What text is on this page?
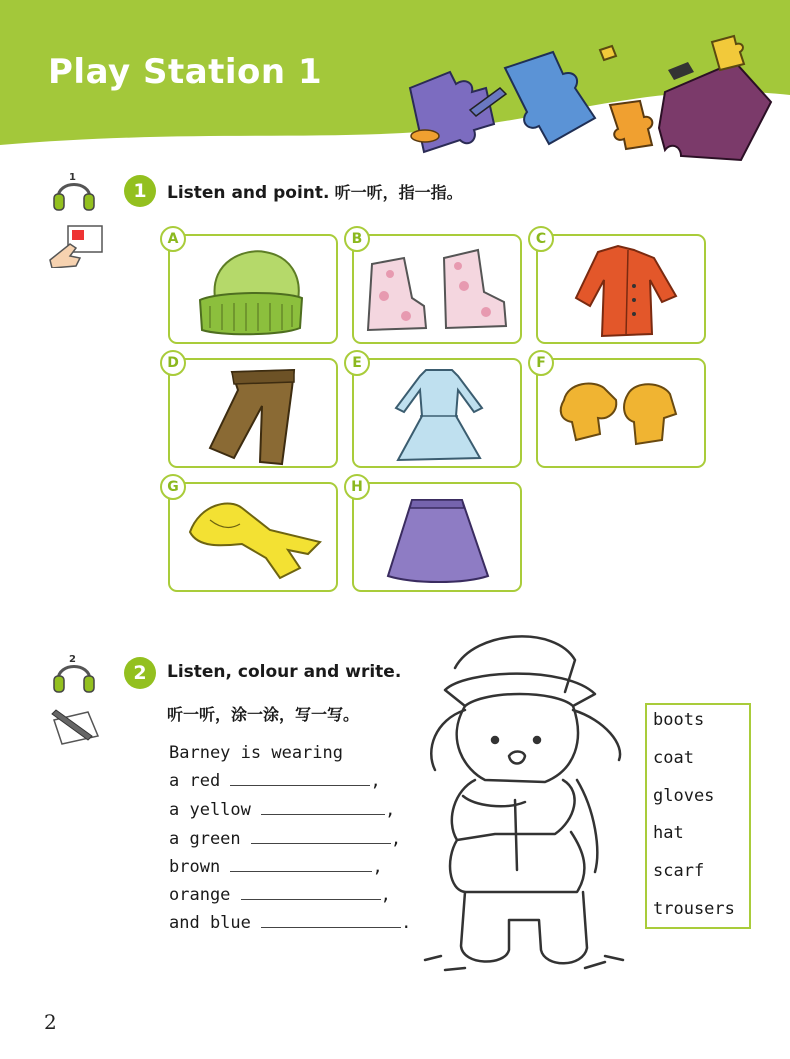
Play Station 1
1
1	Listen and point. 听一听，指一指。
A	B	C
D	E	F
G	H
2
2	Listen, colour and write.
听一听，涂一涂，写一写。
Barney is wearing
a red	,
a yellow	,
a green	,
brown	,
orange	,
and blue	.
boots
coat
gloves
hat
scarf
trousers
2
